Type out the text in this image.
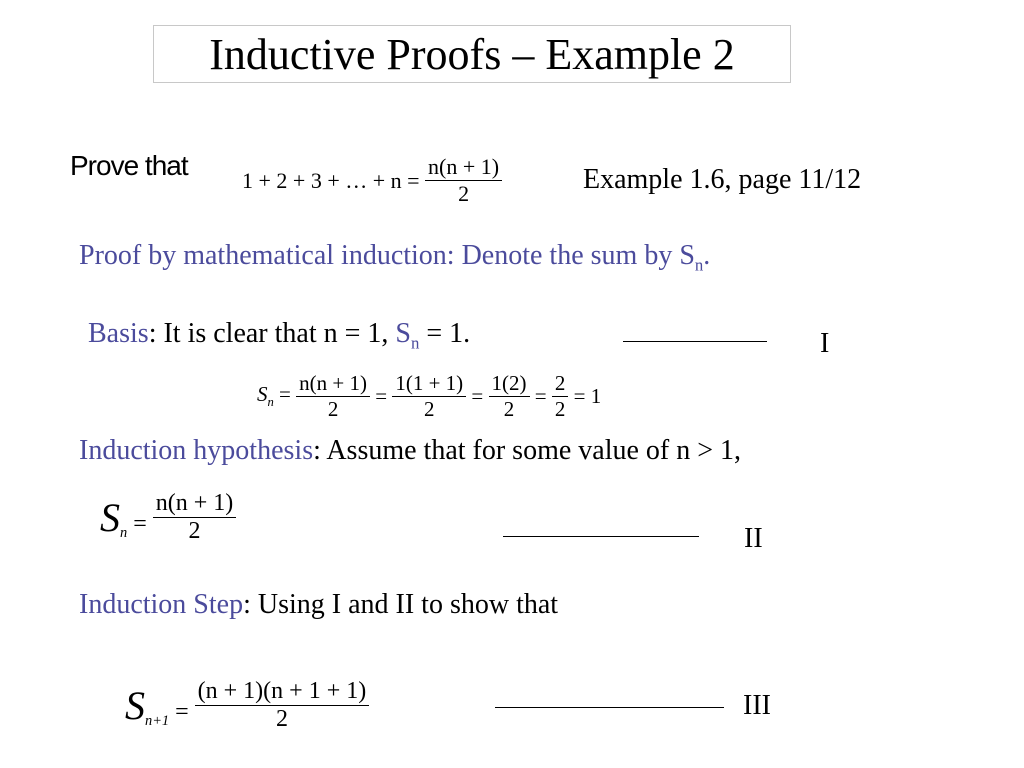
Inductive Proofs – Example 2
Prove that 1 + 2 + 3 + … + $n = \frac{n(n + 1)}{2}$	Example 1.6, page 11/12
Proof by mathematical induction: Denote the sum by $S_n$.
Basis: It is clear that n = 1, $S_n = 1$.	I
$S_n = \frac{n(n + 1)}{2} = \frac{1(1 + 1)}{2} = \frac{1(2)}{2} = \frac{2}{2} = 1$
Induction hypothesis: Assume that for some value of n > 1,
$S_n = \frac{n(n + 1)}{2}$	II
Induction Step: Using I and II to show that
$S_{n+1} = \frac{(n + 1)(n + 1 + 1)}{2}$	III
